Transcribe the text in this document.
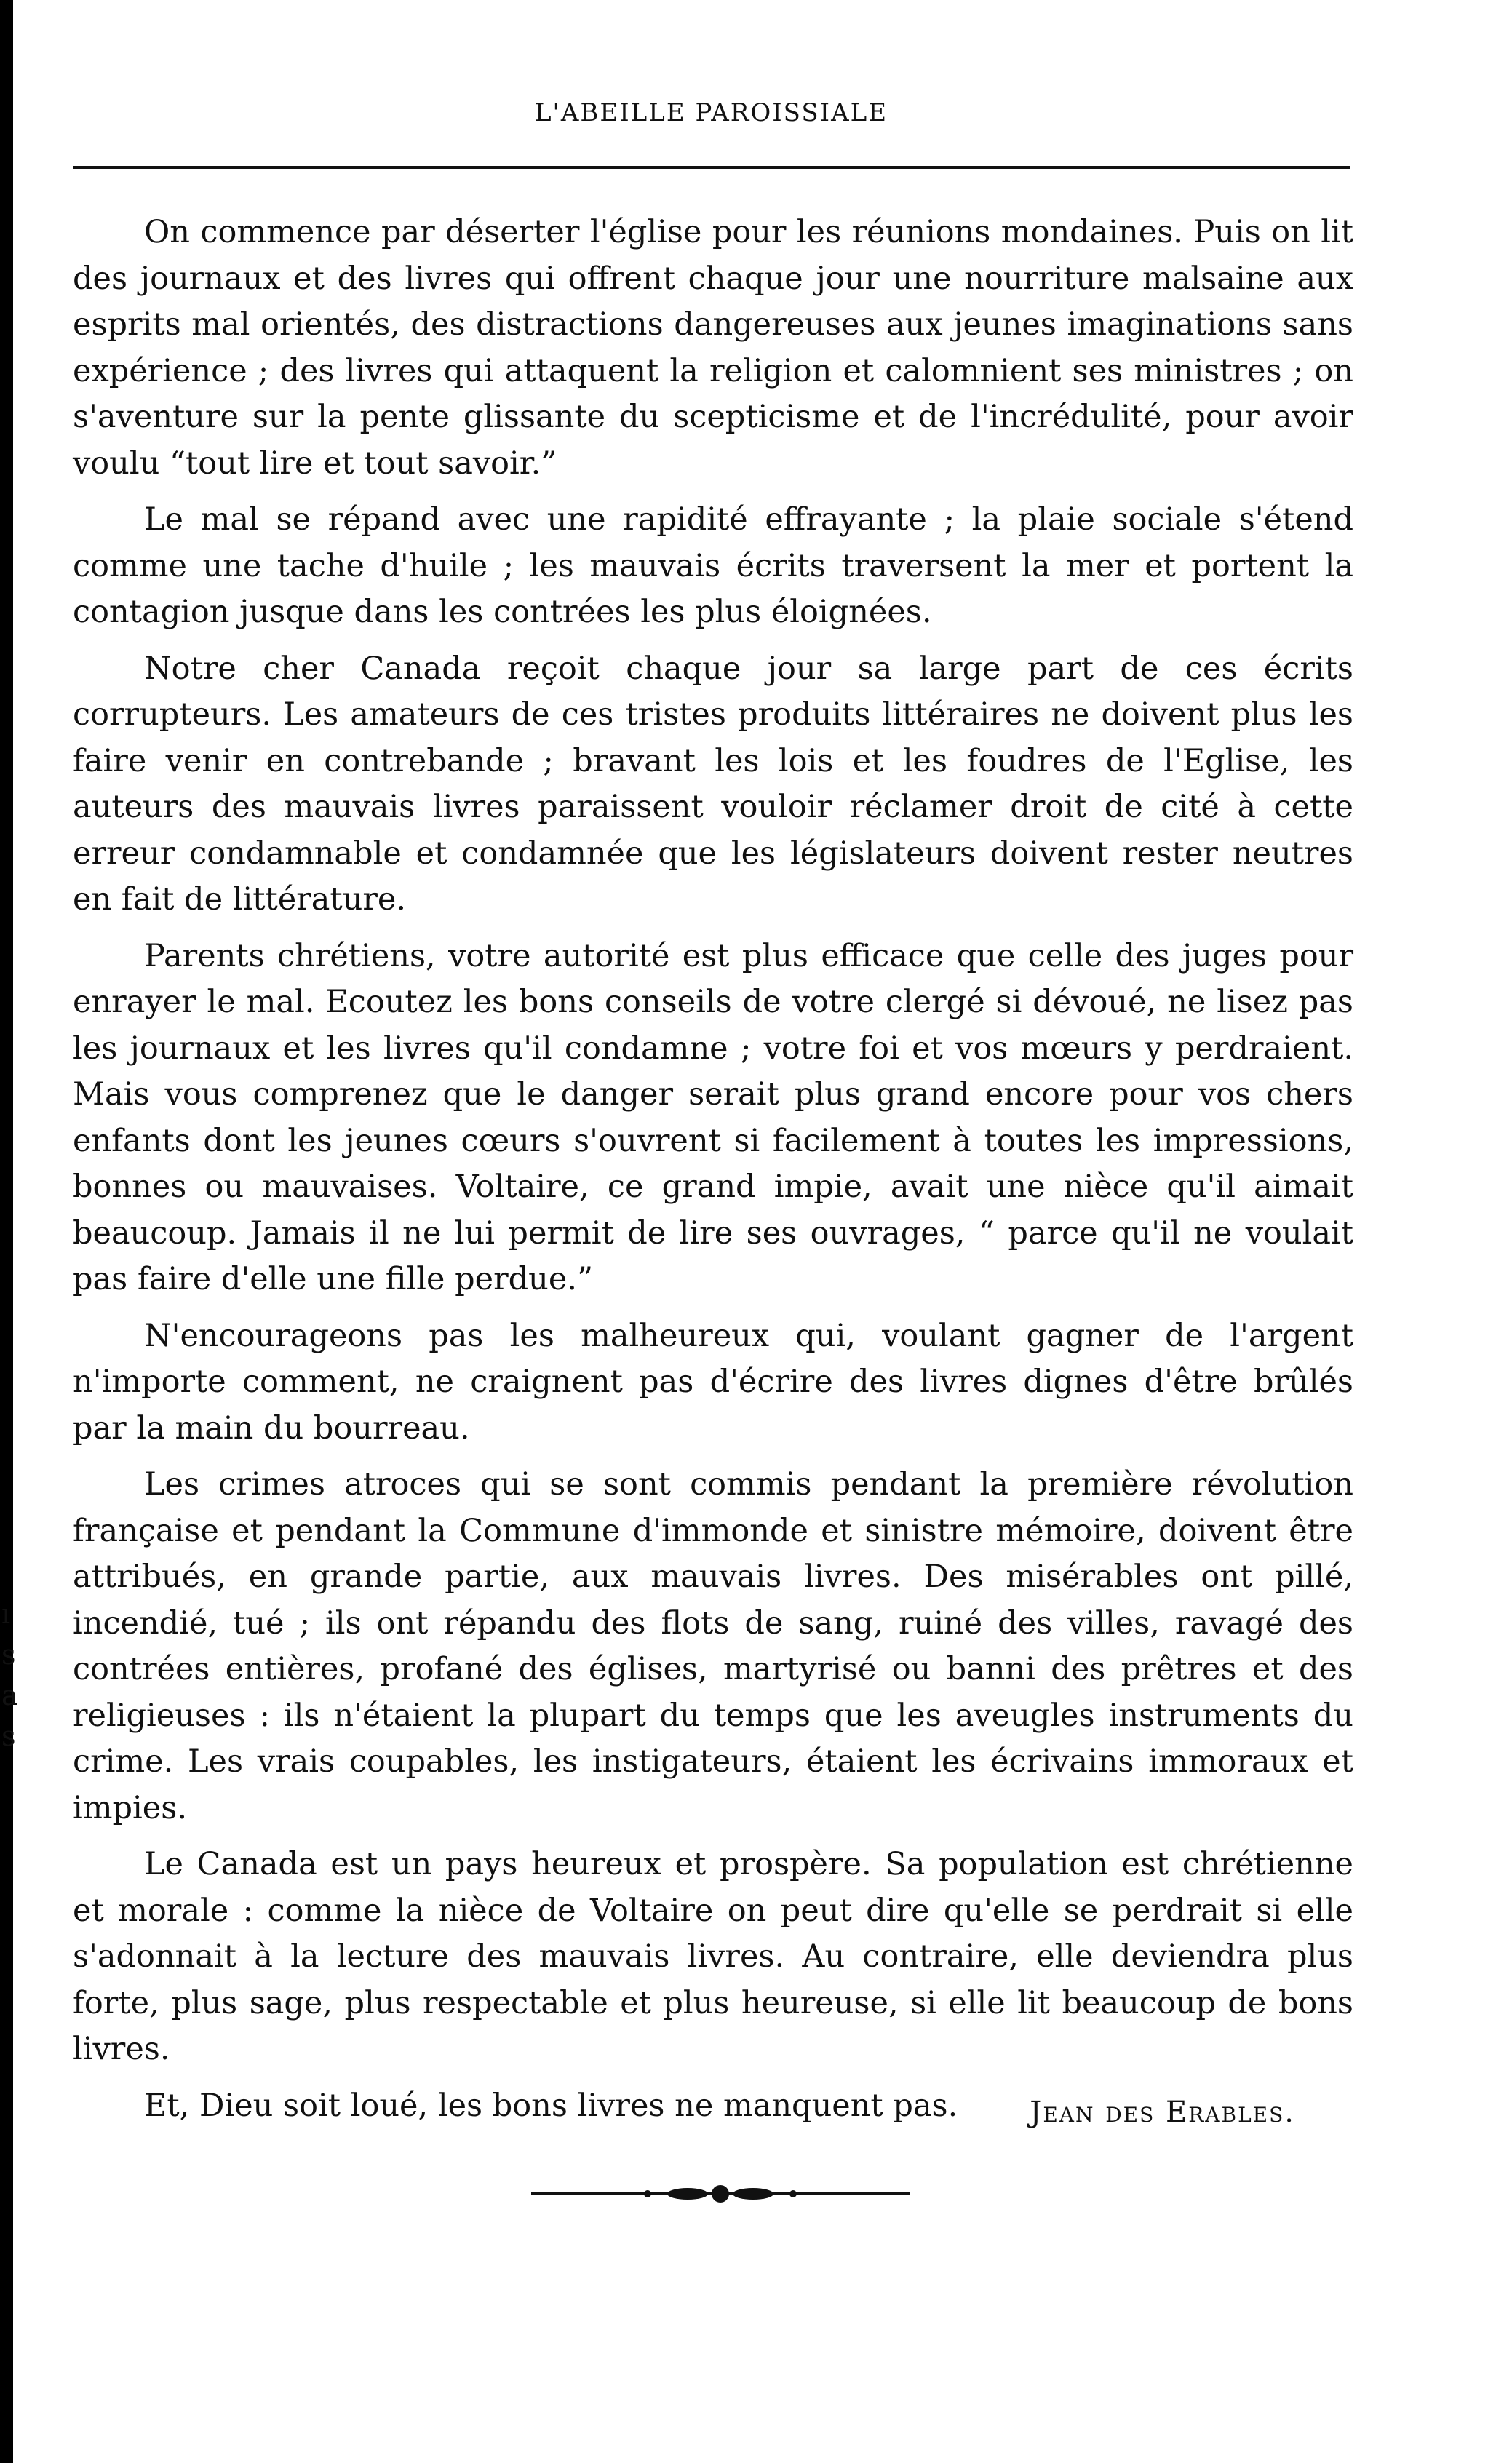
ı
s
a
s
L'ABEILLE PAROISSIALE

On commence par déserter l'église pour les réunions mondaines. Puis on lit des journaux et des livres qui offrent chaque jour une nourriture malsaine aux esprits mal orientés, des distractions dangereuses aux jeunes imaginations sans expérience ; des livres qui attaquent la religion et calomnient ses ministres ; on s'aventure sur la pente glissante du scepticisme et de l'incrédulité, pour avoir voulu “tout lire et tout savoir.”

Le mal se répand avec une rapidité effrayante ; la plaie sociale s'étend comme une tache d'huile ; les mauvais écrits traversent la mer et portent la contagion jusque dans les contrées les plus éloignées.

Notre cher Canada reçoit chaque jour sa large part de ces écrits corrupteurs. Les amateurs de ces tristes produits littéraires ne doivent plus les faire venir en contrebande ; bravant les lois et les foudres de l'Eglise, les auteurs des mauvais livres paraissent vouloir réclamer droit de cité à cette erreur condamnable et condamnée que les législateurs doivent rester neutres en fait de littérature.

Parents chrétiens, votre autorité est plus efficace que celle des juges pour enrayer le mal. Ecoutez les bons conseils de votre clergé si dévoué, ne lisez pas les journaux et les livres qu'il condamne ; votre foi et vos mœurs y perdraient. Mais vous comprenez que le danger serait plus grand encore pour vos chers enfants dont les jeunes cœurs s'ouvrent si facilement à toutes les impressions, bonnes ou mauvaises. Voltaire, ce grand impie, avait une nièce qu'il aimait beaucoup. Jamais il ne lui permit de lire ses ouvrages, “ parce qu'il ne voulait pas faire d'elle une fille perdue.”

N'encourageons pas les malheureux qui, voulant gagner de l'argent n'importe comment, ne craignent pas d'écrire des livres dignes d'être brûlés par la main du bourreau.

Les crimes atroces qui se sont commis pendant la première révolution française et pendant la Commune d'immonde et sinistre mémoire, doivent être attribués, en grande partie, aux mauvais livres. Des misérables ont pillé, incendié, tué ; ils ont répandu des flots de sang, ruiné des villes, ravagé des contrées entières, profané des églises, martyrisé ou banni des prêtres et des religieuses : ils n'étaient la plupart du temps que les aveugles instruments du crime. Les vrais coupables, les instigateurs, étaient les écrivains immoraux et impies.

Le Canada est un pays heureux et prospère. Sa population est chrétienne et morale : comme la nièce de Voltaire on peut dire qu'elle se perdrait si elle s'adonnait à la lecture des mauvais livres. Au contraire, elle deviendra plus forte, plus sage, plus respectable et plus heureuse, si elle lit beaucoup de bons livres.

Et, Dieu soit loué, les bons livres ne manquent pas.	Jean des Erables.
